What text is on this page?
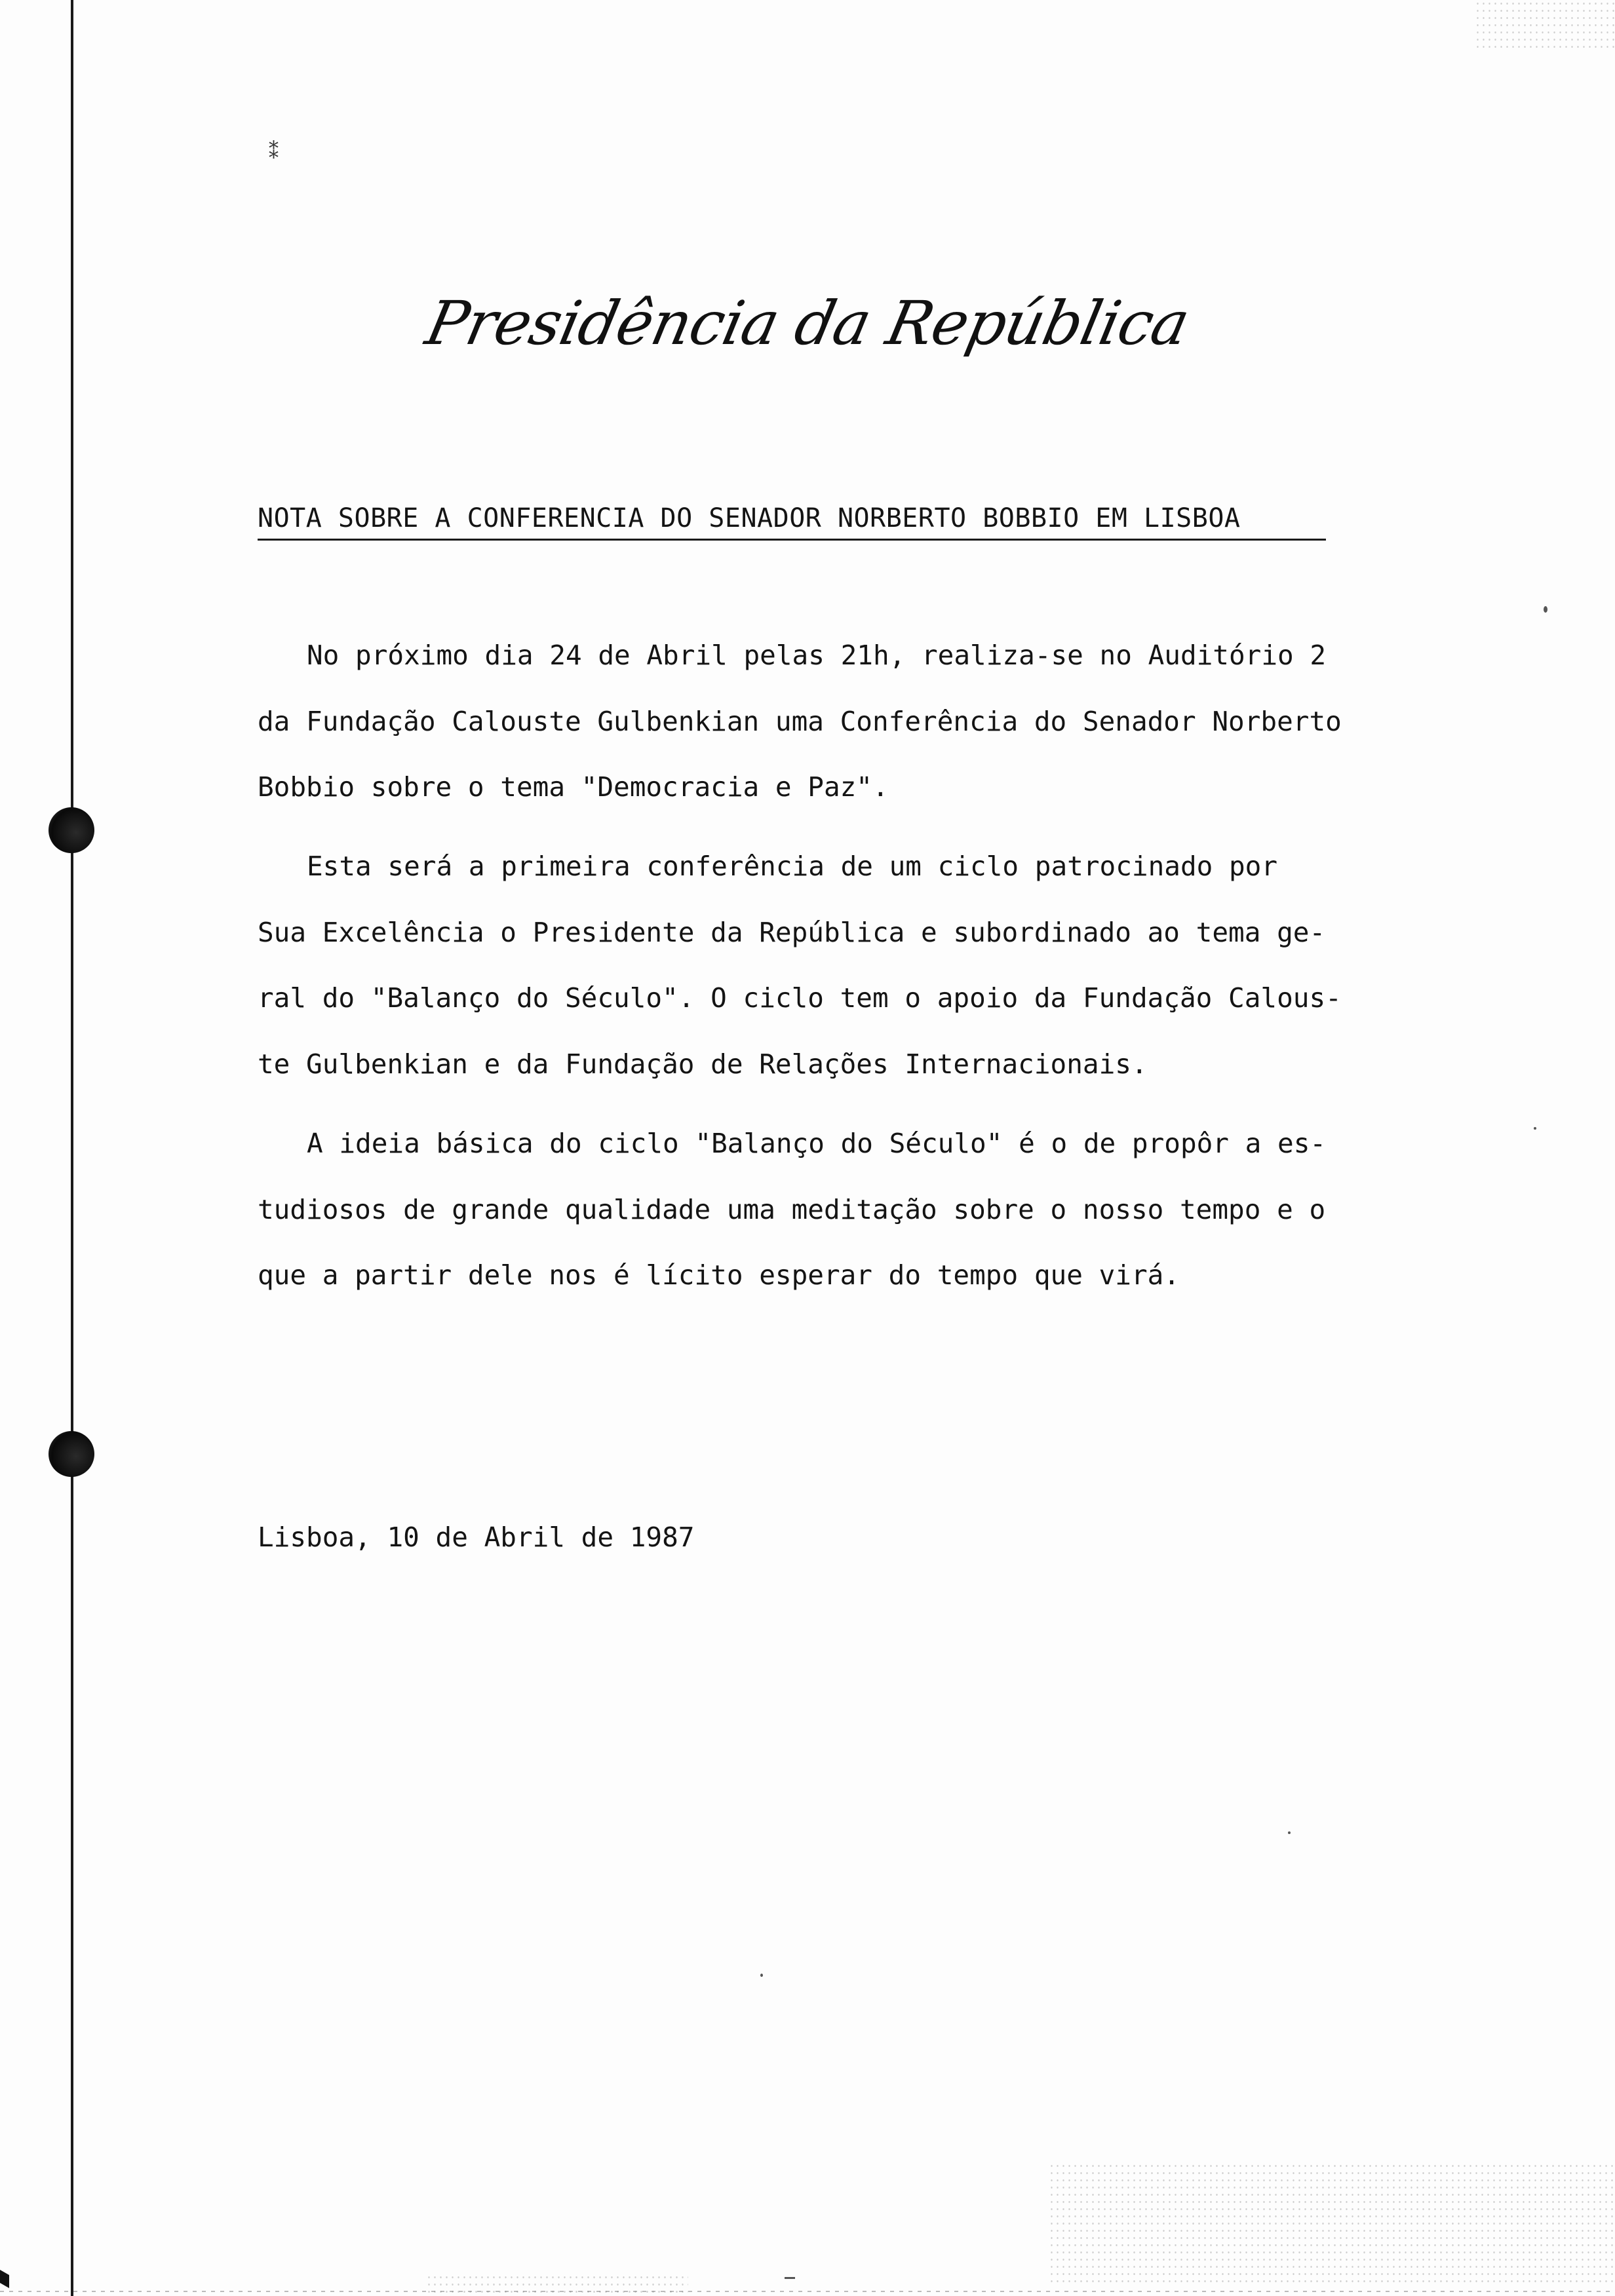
⁑
Presidência da República
NOTA SOBRE A CONFERENCIA DO SENADOR NORBERTO BOBBIO EM LISBOA
No próximo dia 24 de Abril pelas 21h, realiza-se no Auditório 2
da Fundação Calouste Gulbenkian uma Conferência do Senador Norberto
Bobbio sobre o tema "Democracia e Paz".
Esta será a primeira conferência de um ciclo patrocinado por
Sua Excelência o Presidente da República e subordinado ao tema ge-
ral do "Balanço do Século". O ciclo tem o apoio da Fundação Calous-
te Gulbenkian e da Fundação de Relações Internacionais.
A ideia básica do ciclo "Balanço do Século" é o de propôr a es-
tudiosos de grande qualidade uma meditação sobre o nosso tempo e o
que a partir dele nos é lícito esperar do tempo que virá.
Lisboa, 10 de Abril de 1987
